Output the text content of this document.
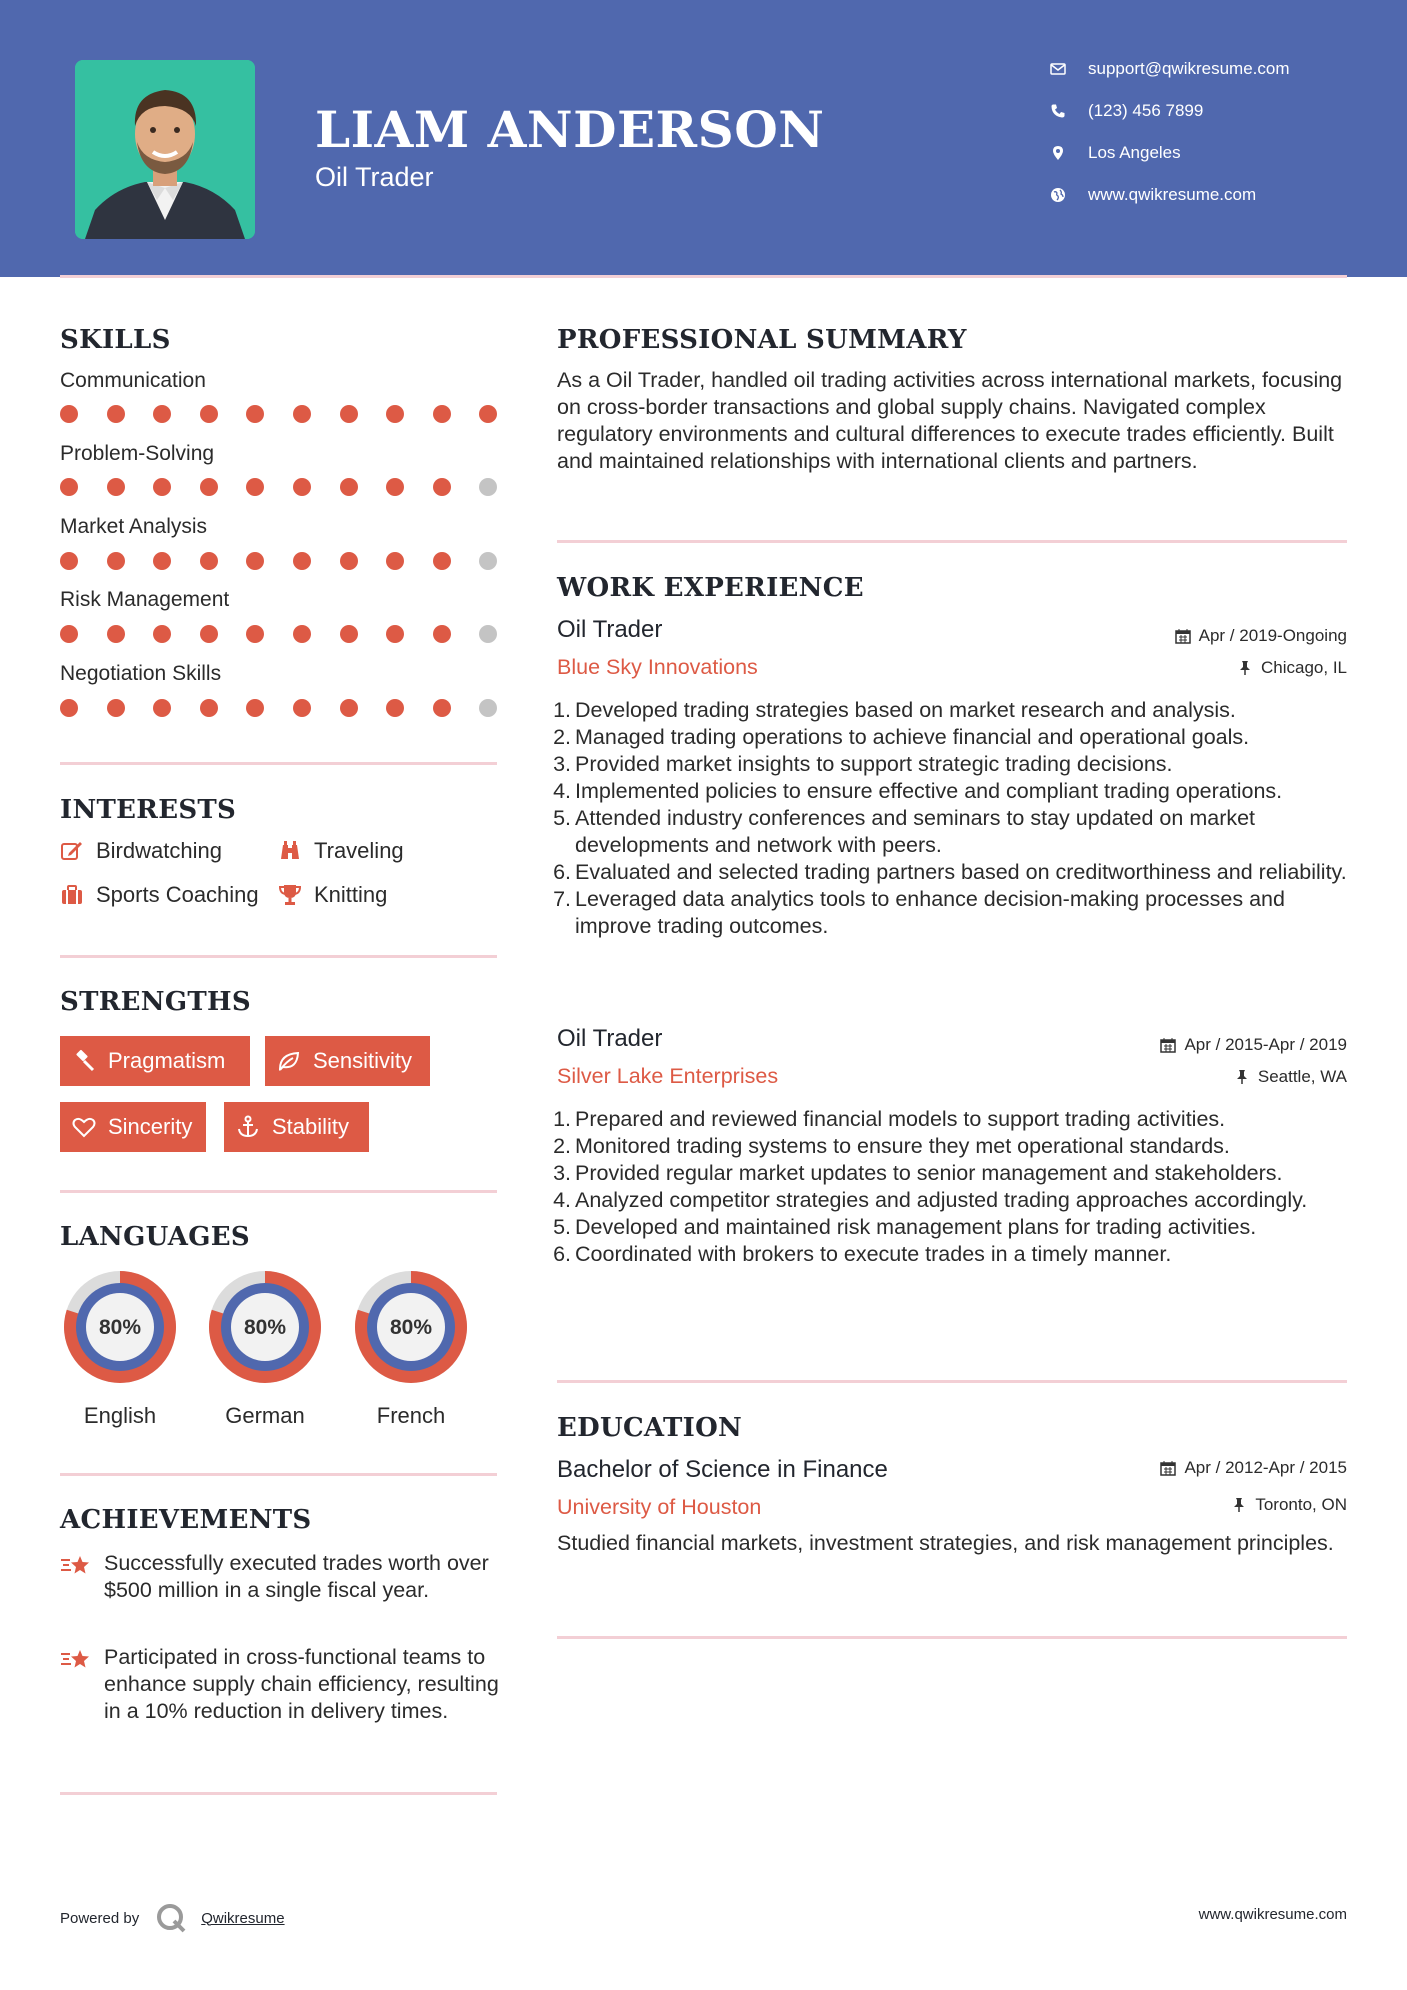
LIAM ANDERSON
Oil Trader
support@qwikresume.com
(123) 456 7899
Los Angeles
www.qwikresume.com
SKILLS
Communication
Problem-Solving
Market Analysis
Risk Management
Negotiation Skills
INTERESTS
Birdwatching	Traveling
Sports Coaching	Knitting
STRENGTHS
Pragmatism	Sensitivity
Sincerity	Stability
LANGUAGES
80%
English
80%
German
80%
French
ACHIEVEMENTS
Successfully executed trades worth over $500 million in a single fiscal year.
Participated in cross-functional teams to enhance supply chain efficiency, resulting in a 10% reduction in delivery times.
PROFESSIONAL SUMMARY
As a Oil Trader, handled oil trading activities across international markets, focusing on cross-border transactions and global supply chains. Navigated complex regulatory environments and cultural differences to execute trades efficiently. Built and maintained relationships with international clients and partners.
WORK EXPERIENCE
Oil Trader	Apr / 2019-Ongoing
Blue Sky Innovations	Chicago, IL
1. Developed trading strategies based on market research and analysis.
2. Managed trading operations to achieve financial and operational goals.
3. Provided market insights to support strategic trading decisions.
4. Implemented policies to ensure effective and compliant trading operations.
5. Attended industry conferences and seminars to stay updated on market developments and network with peers.
6. Evaluated and selected trading partners based on creditworthiness and reliability.
7. Leveraged data analytics tools to enhance decision-making processes and improve trading outcomes.
Oil Trader	Apr / 2015-Apr / 2019
Silver Lake Enterprises	Seattle, WA
1. Prepared and reviewed financial models to support trading activities.
2. Monitored trading systems to ensure they met operational standards.
3. Provided regular market updates to senior management and stakeholders.
4. Analyzed competitor strategies and adjusted trading approaches accordingly.
5. Developed and maintained risk management plans for trading activities.
6. Coordinated with brokers to execute trades in a timely manner.
EDUCATION
Bachelor of Science in Finance	Apr / 2012-Apr / 2015
University of Houston	Toronto, ON
Studied financial markets, investment strategies, and risk management principles.
Powered by	Qwikresume	www.qwikresume.com
